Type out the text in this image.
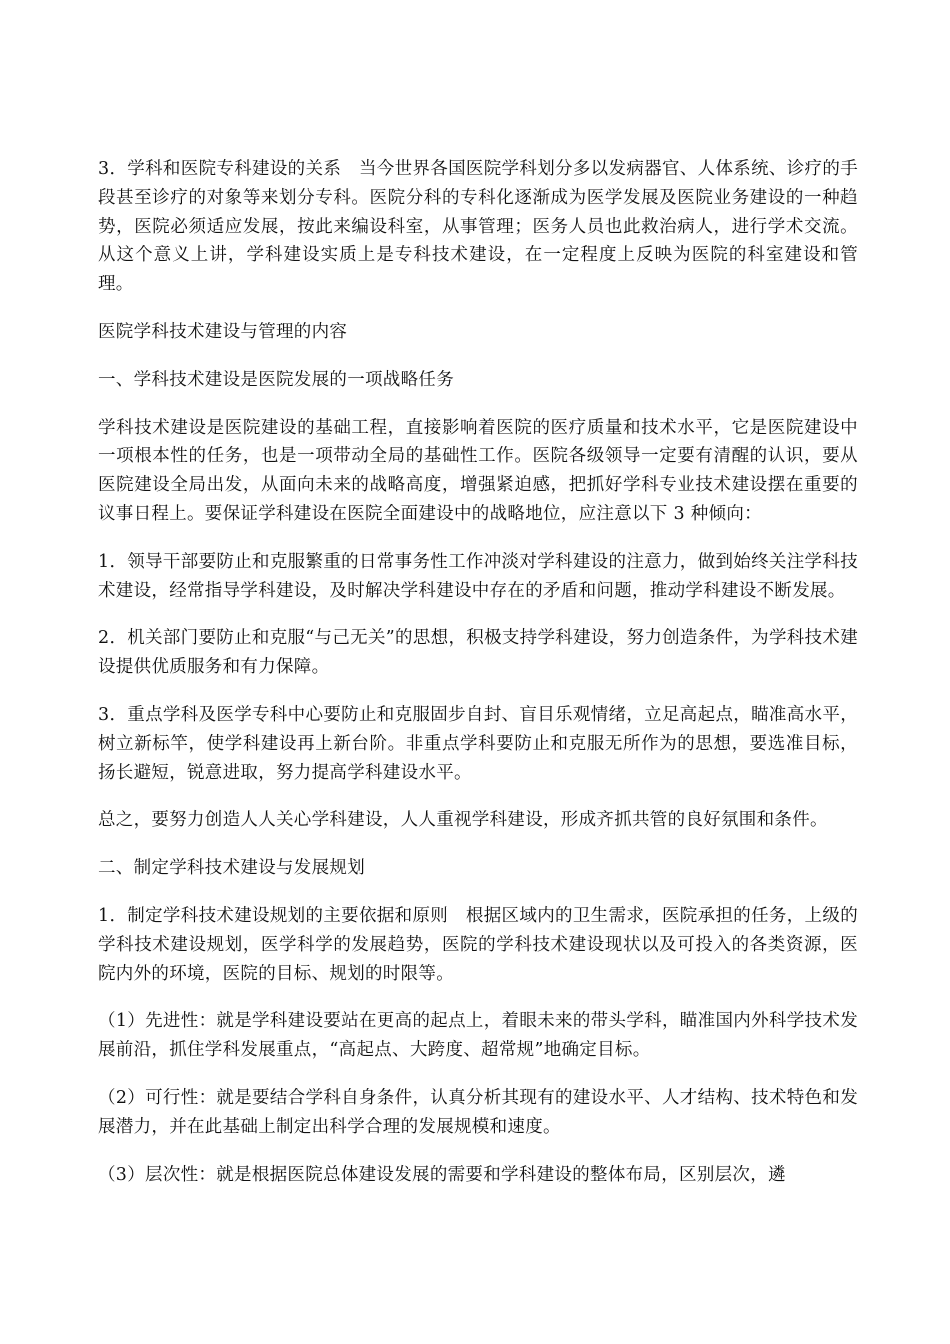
3．学科和医院专科建设的关系　当今世界各国医院学科划分多以发病器官、人体系统、诊疗的手段甚至诊疗的对象等来划分专科。医院分科的专科化逐渐成为医学发展及医院业务建设的一种趋势，医院必须适应发展，按此来编设科室，从事管理；医务人员也此救治病人，进行学术交流。从这个意义上讲，学科建设实质上是专科技术建设，在一定程度上反映为医院的科室建设和管理。

医院学科技术建设与管理的内容

一、学科技术建设是医院发展的一项战略任务

学科技术建设是医院建设的基础工程，直接影响着医院的医疗质量和技术水平，它是医院建设中一项根本性的任务，也是一项带动全局的基础性工作。医院各级领导一定要有清醒的认识，要从医院建设全局出发，从面向未来的战略高度，增强紧迫感，把抓好学科专业技术建设摆在重要的议事日程上。要保证学科建设在医院全面建设中的战略地位，应注意以下 3 种倾向：

1．领导干部要防止和克服繁重的日常事务性工作冲淡对学科建设的注意力，做到始终关注学科技术建设，经常指导学科建设，及时解决学科建设中存在的矛盾和问题，推动学科建设不断发展。

2．机关部门要防止和克服“与己无关”的思想，积极支持学科建设，努力创造条件，为学科技术建设提供优质服务和有力保障。

3．重点学科及医学专科中心要防止和克服固步自封、盲目乐观情绪，立足高起点，瞄准高水平，树立新标竿，使学科建设再上新台阶。非重点学科要防止和克服无所作为的思想，要选准目标，扬长避短，锐意进取，努力提高学科建设水平。

总之，要努力创造人人关心学科建设，人人重视学科建设，形成齐抓共管的良好氛围和条件。

二、制定学科技术建设与发展规划

1．制定学科技术建设规划的主要依据和原则　根据区域内的卫生需求，医院承担的任务，上级的学科技术建设规划，医学科学的发展趋势，医院的学科技术建设现状以及可投入的各类资源，医院内外的环境，医院的目标、规划的时限等。

（1）先进性：就是学科建设要站在更高的起点上，着眼未来的带头学科，瞄准国内外科学技术发展前沿，抓住学科发展重点，“高起点、大跨度、超常规”地确定目标。

（2）可行性：就是要结合学科自身条件，认真分析其现有的建设水平、人才结构、技术特色和发展潜力，并在此基础上制定出科学合理的发展规模和速度。

（3）层次性：就是根据医院总体建设发展的需要和学科建设的整体布局，区别层次，遴
